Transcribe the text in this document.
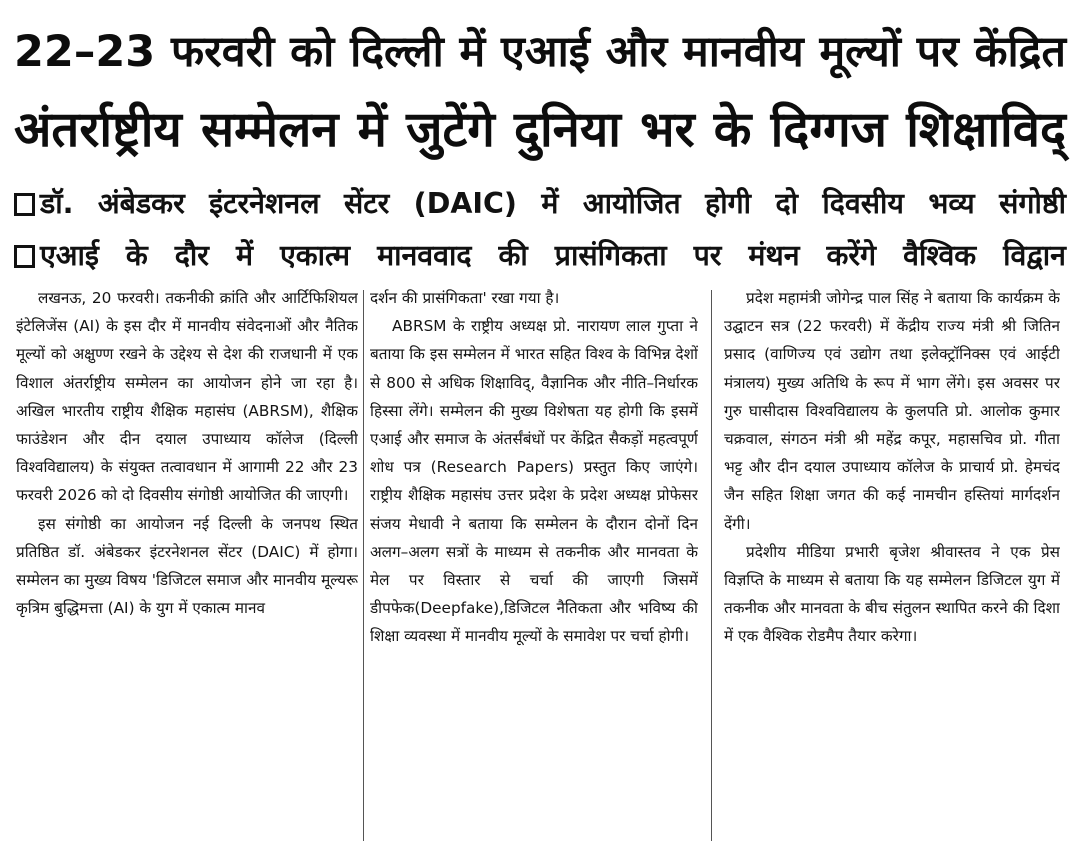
22–23 फरवरी को दिल्ली में एआई और मानवीय मूल्यों पर केंद्रित
अंतर्राष्ट्रीय सम्मेलन में जुटेंगे दुनिया भर के दिग्गज शिक्षाविद्
डॉ. अंबेडकर इंटरनेशनल सेंटर (DAIC) में आयोजित होगी दो दिवसीय भव्य संगोष्ठी
एआई के दौर में एकात्म मानववाद की प्रासंगिकता पर मंथन करेंगे वैश्विक विद्वान

लखनऊ, 20 फरवरी। तकनीकी क्रांति और आर्टिफिशियल इंटेलिजेंस (AI) के इस दौर में मानवीय संवेदनाओं और नैतिक मूल्यों को अक्षुण्ण रखने के उद्देश्य से देश की राजधानी में एक विशाल अंतर्राष्ट्रीय सम्मेलन का आयोजन होने जा रहा है। अखिल भारतीय राष्ट्रीय शैक्षिक महासंघ (ABRSM), शैक्षिक फाउंडेशन और दीन दयाल उपाध्याय कॉलेज (दिल्ली विश्वविद्यालय) के संयुक्त तत्वावधान में आगामी 22 और 23 फरवरी 2026 को दो दिवसीय संगोष्ठी आयोजित की जाएगी।

इस संगोष्ठी का आयोजन नई दिल्ली के जनपथ स्थित प्रतिष्ठित डॉ. अंबेडकर इंटरनेशनल सेंटर (DAIC) में होगा। सम्मेलन का मुख्य विषय 'डिजिटल समाज और मानवीय मूल्यरू कृत्रिम बुद्धिमत्ता (AI) के युग में एकात्म मानव

दर्शन की प्रासंगिकता' रखा गया है।

ABRSM के राष्ट्रीय अध्यक्ष प्रो. नारायण लाल गुप्ता ने बताया कि इस सम्मेलन में भारत सहित विश्व के विभिन्न देशों से 800 से अधिक शिक्षाविद्, वैज्ञानिक और नीति–निर्धारक हिस्सा लेंगे। सम्मेलन की मुख्य विशेषता यह होगी कि इसमें एआई और समाज के अंतर्संबंधों पर केंद्रित सैकड़ों महत्वपूर्ण शोध पत्र (Research Papers) प्रस्तुत किए जाएंगे। राष्ट्रीय शैक्षिक महासंघ उत्तर प्रदेश के प्रदेश अध्यक्ष प्रोफेसर संजय मेधावी ने बताया कि सम्मेलन के दौरान दोनों दिन अलग–अलग सत्रों के माध्यम से तकनीक और मानवता के मेल पर विस्तार से चर्चा की जाएगी जिसमें डीपफेक(Deepfake),डिजिटल नैतिकता और भविष्य की शिक्षा व्यवस्था में मानवीय मूल्यों के समावेश पर चर्चा होगी।

प्रदेश महामंत्री जोगेन्द्र पाल सिंह ने बताया कि कार्यक्रम के उद्घाटन सत्र (22 फरवरी) में केंद्रीय राज्य मंत्री श्री जितिन प्रसाद (वाणिज्य एवं उद्योग तथा इलेक्ट्रॉनिक्स एवं आईटी मंत्रालय) मुख्य अतिथि के रूप में भाग लेंगे। इस अवसर पर गुरु घासीदास विश्वविद्यालय के कुलपति प्रो. आलोक कुमार चक्रवाल, संगठन मंत्री श्री महेंद्र कपूर, महासचिव प्रो. गीता भट्ट और दीन दयाल उपाध्याय कॉलेज के प्राचार्य प्रो. हेमचंद जैन सहित शिक्षा जगत की कई नामचीन हस्तियां मार्गदर्शन देंगी।

प्रदेशीय मीडिया प्रभारी बृजेश श्रीवास्तव ने एक प्रेस विज्ञप्ति के माध्यम से बताया कि यह सम्मेलन डिजिटल युग में तकनीक और मानवता के बीच संतुलन स्थापित करने की दिशा में एक वैश्विक रोडमैप तैयार करेगा।
